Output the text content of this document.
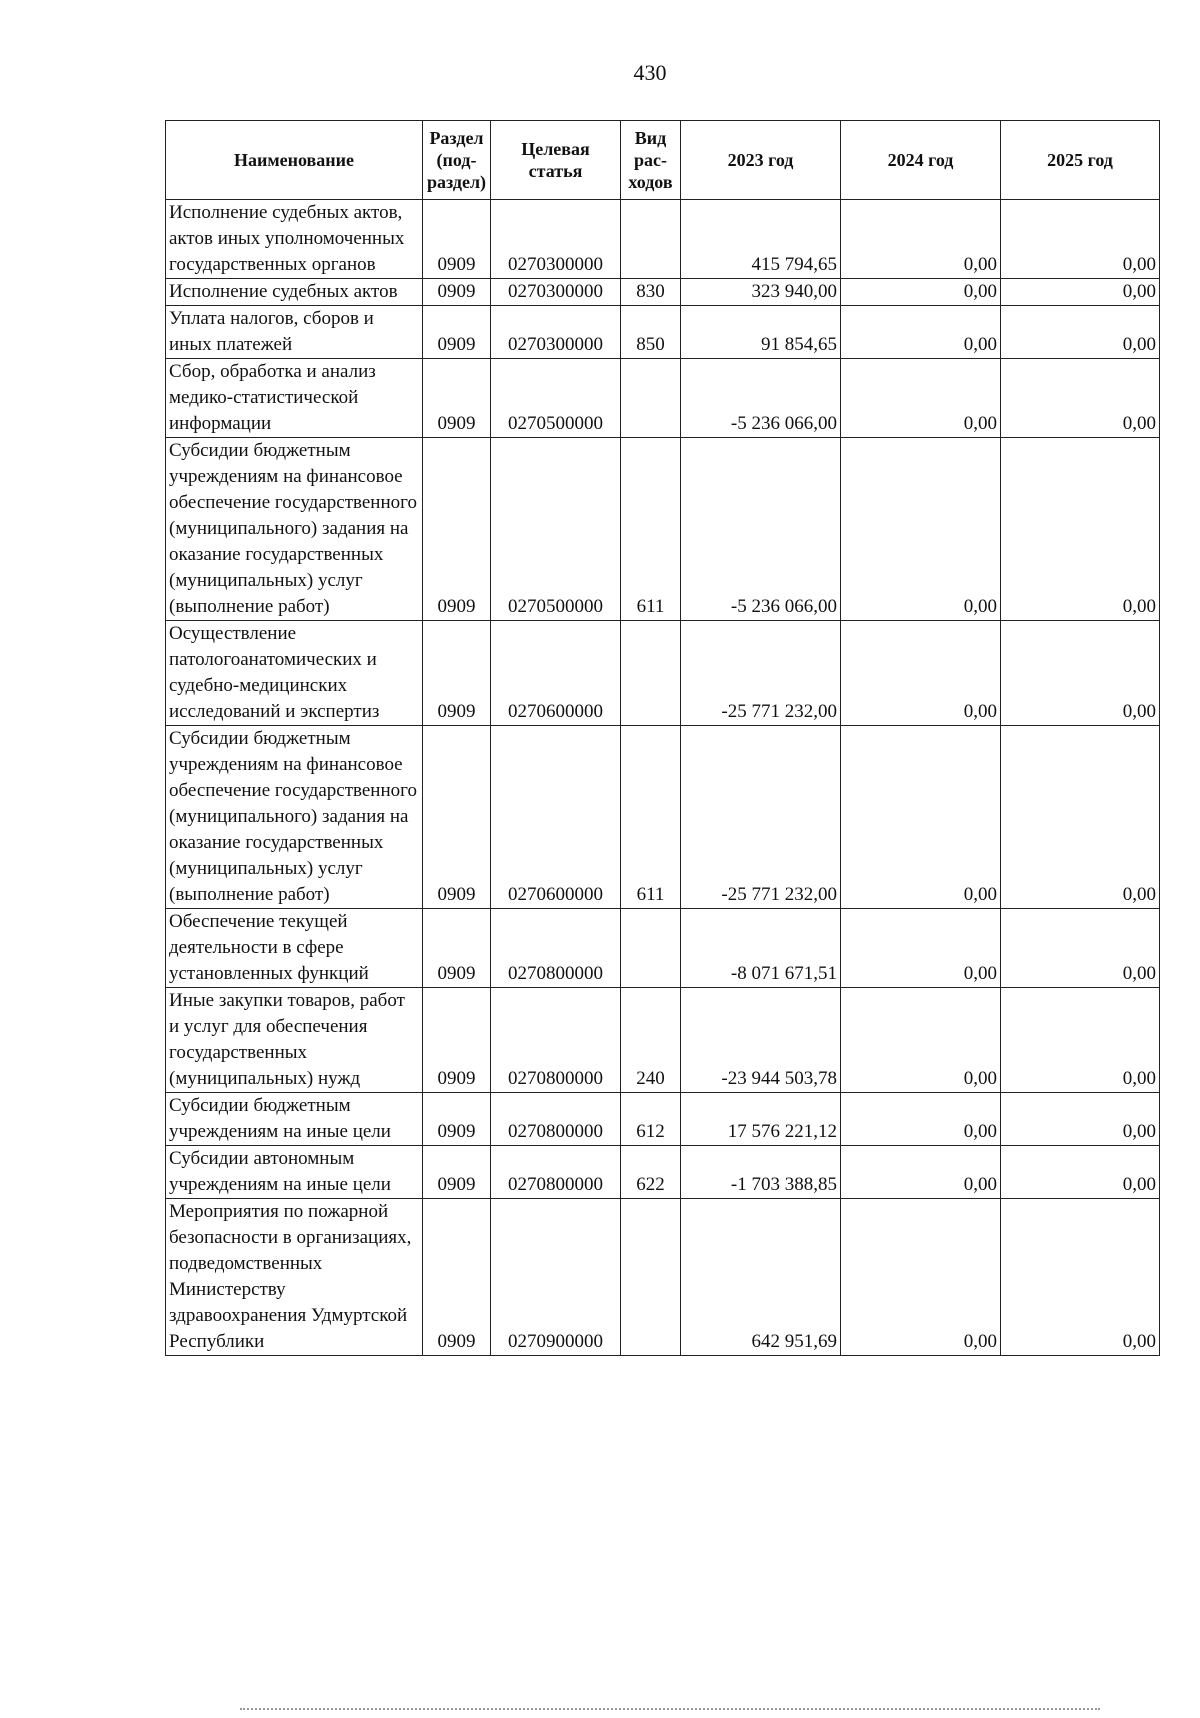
430
Наименование	Раздел (под-раздел)	Целевая статья	Вид рас-ходов	2023 год	2024 год	2025 год
Исполнение судебных актов, актов иных уполномоченных государственных органов	0909	0270300000		415 794,65	0,00	0,00
Исполнение судебных актов	0909	0270300000	830	323 940,00	0,00	0,00
Уплата налогов, сборов и иных платежей	0909	0270300000	850	91 854,65	0,00	0,00
Сбор, обработка и анализ медико-статистической информации	0909	0270500000		-5 236 066,00	0,00	0,00
Субсидии бюджетным учреждениям на финансовое обеспечение государственного (муниципального) задания на оказание государственных (муниципальных) услуг (выполнение работ)	0909	0270500000	611	-5 236 066,00	0,00	0,00
Осуществление патологоанатомических и судебно-медицинских исследований и экспертиз	0909	0270600000		-25 771 232,00	0,00	0,00
Субсидии бюджетным учреждениям на финансовое обеспечение государственного (муниципального) задания на оказание государственных (муниципальных) услуг (выполнение работ)	0909	0270600000	611	-25 771 232,00	0,00	0,00
Обеспечение текущей деятельности в сфере установленных функций	0909	0270800000		-8 071 671,51	0,00	0,00
Иные закупки товаров, работ и услуг для обеспечения государственных (муниципальных) нужд	0909	0270800000	240	-23 944 503,78	0,00	0,00
Субсидии бюджетным учреждениям на иные цели	0909	0270800000	612	17 576 221,12	0,00	0,00
Субсидии автономным учреждениям на иные цели	0909	0270800000	622	-1 703 388,85	0,00	0,00
Мероприятия по пожарной безопасности в организациях, подведомственных Министерству здравоохранения Удмуртской Республики	0909	0270900000		642 951,69	0,00	0,00
